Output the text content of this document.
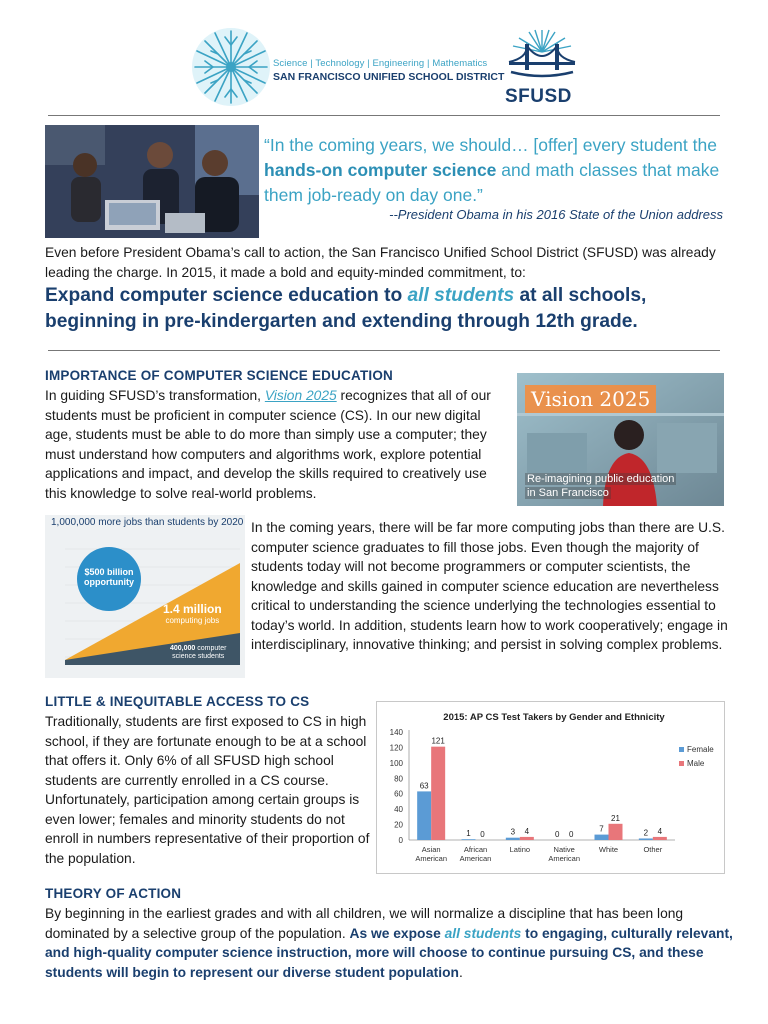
Science | Technology | Engineering | Mathematics
SAN FRANCISCO UNIFIED SCHOOL DISTRICT
SFUSD
“In the coming years, we should… [offer] every student the hands-on computer science and math classes that make them job-ready on day one.”
--President Obama in his 2016 State of the Union address
Even before President Obama’s call to action, the San Francisco Unified School District (SFUSD) was already leading the charge. In 2015, it made a bold and equity-minded commitment, to:
Expand computer science education to all students at all schools, beginning in pre-kindergarten and extending through 12th grade.
IMPORTANCE OF COMPUTER SCIENCE EDUCATION
In guiding SFUSD’s transformation, Vision 2025 recognizes that all of our students must be proficient in computer science (CS). In our new digital age, students must be able to do more than simply use a computer; they must understand how computers and algorithms work, explore potential applications and impact, and develop the skills required to creatively use this knowledge to solve real-world problems.
Vision 2025
Re-imagining public education
in San Francisco
1,000,000 more jobs than students by 2020
$500 billion
opportunity
1.4 million
computing jobs
400,000 computer
science students
In the coming years, there will be far more computing jobs than there are U.S. computer science graduates to fill those jobs. Even though the majority of students today will not become programmers or computer scientists, the knowledge and skills gained in computer science education are nevertheless critical to understanding the science underlying the technologies essential to today’s world. In addition, students learn how to work cooperatively; engage in interdisciplinary, innovative thinking; and persist in solving complex problems.
LITTLE & INEQUITABLE ACCESS TO CS
Traditionally, students are first exposed to CS in high school, if they are fortunate enough to be at a school that offers it. Only 6% of all SFUSD high school students are currently enrolled in a CS course. Unfortunately, participation among certain groups is even lower; females and minority students do not enroll in numbers representative of their proportion of the population.
2015: AP CS Test Takers by Gender and Ethnicity
0
20
40
60
80
100
120
140
63
121
Asian
American
1 0
African
American
3 4
Latino
0 0
Native
American
7
21
White
2 4
Other
Female
Male
THEORY OF ACTION
By beginning in the earliest grades and with all children, we will normalize a discipline that has been long dominated by a selective group of the population. As we expose all students to engaging, culturally relevant, and high-quality computer science instruction, more will choose to continue pursuing CS, and these students will begin to represent our diverse student population.
